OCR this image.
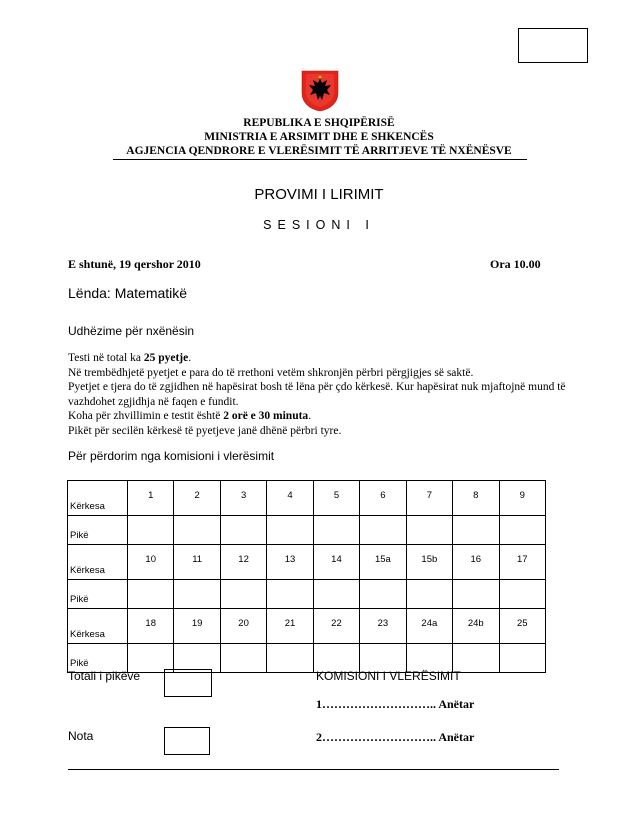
REPUBLIKA E SHQIPËRISË
MINISTRIA E ARSIMIT DHE E SHKENCËS
AGJENCIA QENDRORE E VLERËSIMIT TË ARRITJEVE TË NXËNËSVE
PROVIMI I LIRIMIT
SESIONI I
E shtunë, 19 qershor 2010	Ora 10.00
Lënda: Matematikë
Udhëzime për nxënësin

Testi në total ka 25 pyetje.

Në trembëdhjetë pyetjet e para do të rrethoni vetëm shkronjën përbri përgjigjes së saktë.

Pyetjet e tjera do të zgjidhen në hapësirat bosh të lëna për çdo kërkesë. Kur hapësirat nuk mjaftojnë mund të vazhdohet zgjidhja në faqen e fundit.

Koha për zhvillimin e testit është 2 orë e 30 minuta.

Pikët për secilën kërkesë të pyetjeve janë dhënë përbri tyre.

Për përdorim nga komisioni i vlerësimit
Kërkesa	1	2	3	4	5	6	7	8	9
Pikë									
Kërkesa	10	11	12	13	14	15a	15b	16	17
Pikë									
Kërkesa	18	19	20	21	22	23	24a	24b	25
Pikë									
Totali i pikëve
Nota
KOMISIONI I VLERËSIMIT
1……………………….. Anëtar
2……………………….. Anëtar
